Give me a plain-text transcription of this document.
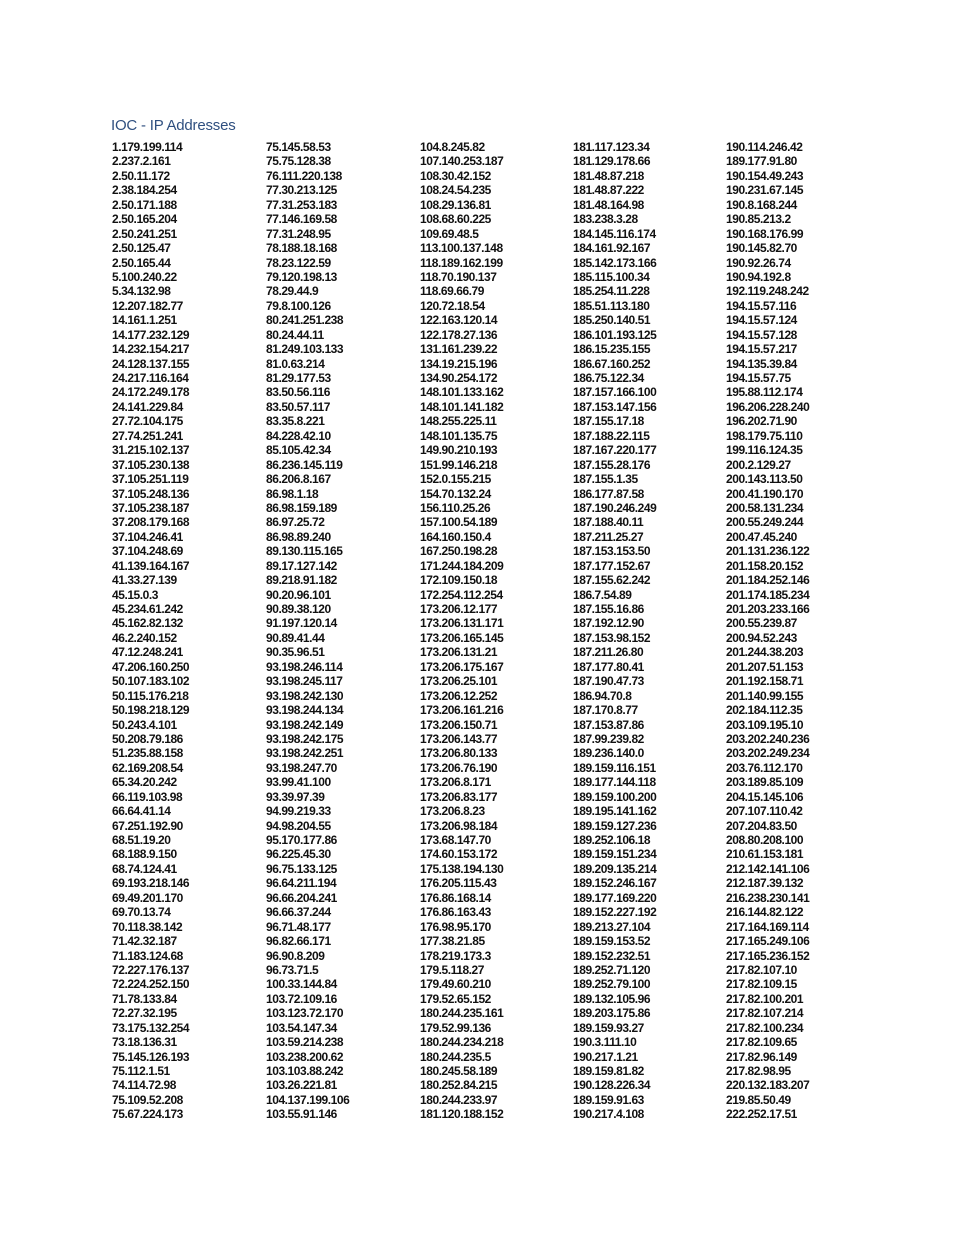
IOC - IP Addresses
1.179.199.114
2.237.2.161
2.50.11.172
2.38.184.254
2.50.171.188
2.50.165.204
2.50.241.251
2.50.125.47
2.50.165.44
5.100.240.22
5.34.132.98
12.207.182.77
14.161.1.251
14.177.232.129
14.232.154.217
24.128.137.155
24.217.116.164
24.172.249.178
24.141.229.84
27.72.104.175
27.74.251.241
31.215.102.137
37.105.230.138
37.105.251.119
37.105.248.136
37.105.238.187
37.208.179.168
37.104.246.41
37.104.248.69
41.139.164.167
41.33.27.139
45.15.0.3
45.234.61.242
45.162.82.132
46.2.240.152
47.12.248.241
47.206.160.250
50.107.183.102
50.115.176.218
50.198.218.129
50.243.4.101
50.208.79.186
51.235.88.158
62.169.208.54
65.34.20.242
66.119.103.98
66.64.41.14
67.251.192.90
68.51.19.20
68.188.9.150
68.74.124.41
69.193.218.146
69.49.201.170
69.70.13.74
70.118.38.142
71.42.32.187
71.183.124.68
72.227.176.137
72.224.252.150
71.78.133.84
72.27.32.195
73.175.132.254
73.18.136.31
75.145.126.193
75.112.1.51
74.114.72.98
75.109.52.208
75.67.224.173
75.145.58.53
75.75.128.38
76.111.220.138
77.30.213.125
77.31.253.183
77.146.169.58
77.31.248.95
78.188.18.168
78.23.122.59
79.120.198.13
78.29.44.9
79.8.100.126
80.241.251.238
80.24.44.11
81.249.103.133
81.0.63.214
81.29.177.53
83.50.56.116
83.50.57.117
83.35.8.221
84.228.42.10
85.105.42.34
86.236.145.119
86.206.8.167
86.98.1.18
86.98.159.189
86.97.25.72
86.98.89.240
89.130.115.165
89.17.127.142
89.218.91.182
90.20.96.101
90.89.38.120
91.197.120.14
90.89.41.44
90.35.96.51
93.198.246.114
93.198.245.117
93.198.242.130
93.198.244.134
93.198.242.149
93.198.242.175
93.198.242.251
93.198.247.70
93.99.41.100
93.39.97.39
94.99.219.33
94.98.204.55
95.170.177.86
96.225.45.30
96.75.133.125
96.64.211.194
96.66.204.241
96.66.37.244
96.71.48.177
96.82.66.171
96.90.8.209
96.73.71.5
100.33.144.84
103.72.109.16
103.123.72.170
103.54.147.34
103.59.214.238
103.238.200.62
103.103.88.242
103.26.221.81
104.137.199.106
103.55.91.146
104.8.245.82
107.140.253.187
108.30.42.152
108.24.54.235
108.29.136.81
108.68.60.225
109.69.48.5
113.100.137.148
118.189.162.199
118.70.190.137
118.69.66.79
120.72.18.54
122.163.120.14
122.178.27.136
131.161.239.22
134.19.215.196
134.90.254.172
148.101.133.162
148.101.141.182
148.255.225.11
148.101.135.75
149.90.210.193
151.99.146.218
152.0.155.215
154.70.132.24
156.110.25.26
157.100.54.189
164.160.150.4
167.250.198.28
171.244.184.209
172.109.150.18
172.254.112.254
173.206.12.177
173.206.131.171
173.206.165.145
173.206.131.21
173.206.175.167
173.206.25.101
173.206.12.252
173.206.161.216
173.206.150.71
173.206.143.77
173.206.80.133
173.206.76.190
173.206.8.171
173.206.83.177
173.206.8.23
173.206.98.184
173.68.147.70
174.60.153.172
175.138.194.130
176.205.115.43
176.86.168.14
176.86.163.43
176.98.95.170
177.38.21.85
178.219.173.3
179.5.118.27
179.49.60.210
179.52.65.152
180.244.235.161
179.52.99.136
180.244.234.218
180.244.235.5
180.245.58.189
180.252.84.215
180.244.233.97
181.120.188.152
181.117.123.34
181.129.178.66
181.48.87.218
181.48.87.222
181.48.164.98
183.238.3.28
184.145.116.174
184.161.92.167
185.142.173.166
185.115.100.34
185.254.11.228
185.51.113.180
185.250.140.51
186.101.193.125
186.15.235.155
186.67.160.252
186.75.122.34
187.157.166.100
187.153.147.156
187.155.17.18
187.188.22.115
187.167.220.177
187.155.28.176
187.155.1.35
186.177.87.58
187.190.246.249
187.188.40.11
187.211.25.27
187.153.153.50
187.177.152.67
187.155.62.242
186.7.54.89
187.155.16.86
187.192.12.90
187.153.98.152
187.211.26.80
187.177.80.41
187.190.47.73
186.94.70.8
187.170.8.77
187.153.87.86
187.99.239.82
189.236.140.0
189.159.116.151
189.177.144.118
189.159.100.200
189.195.141.162
189.159.127.236
189.252.106.18
189.159.151.234
189.209.135.214
189.152.246.167
189.177.169.220
189.152.227.192
189.213.27.104
189.159.153.52
189.152.232.51
189.252.71.120
189.252.79.100
189.132.105.96
189.203.175.86
189.159.93.27
190.3.111.10
190.217.1.21
189.159.81.82
190.128.226.34
189.159.91.63
190.217.4.108
190.114.246.42
189.177.91.80
190.154.49.243
190.231.67.145
190.8.168.244
190.85.213.2
190.168.176.99
190.145.82.70
190.92.26.74
190.94.192.8
192.119.248.242
194.15.57.116
194.15.57.124
194.15.57.128
194.15.57.217
194.135.39.84
194.15.57.75
195.88.112.174
196.206.228.240
196.202.71.90
198.179.75.110
199.116.124.35
200.2.129.27
200.143.113.50
200.41.190.170
200.58.131.234
200.55.249.244
200.47.45.240
201.131.236.122
201.158.20.152
201.184.252.146
201.174.185.234
201.203.233.166
200.55.239.87
200.94.52.243
201.244.38.203
201.207.51.153
201.192.158.71
201.140.99.155
202.184.112.35
203.109.195.10
203.202.240.236
203.202.249.234
203.76.112.170
203.189.85.109
204.15.145.106
207.107.110.42
207.204.83.50
208.80.208.100
210.61.153.181
212.142.141.106
212.187.39.132
216.238.230.141
216.144.82.122
217.164.169.114
217.165.249.106
217.165.236.152
217.82.107.10
217.82.109.15
217.82.100.201
217.82.107.214
217.82.100.234
217.82.109.65
217.82.96.149
217.82.98.95
220.132.183.207
219.85.50.49
222.252.17.51
